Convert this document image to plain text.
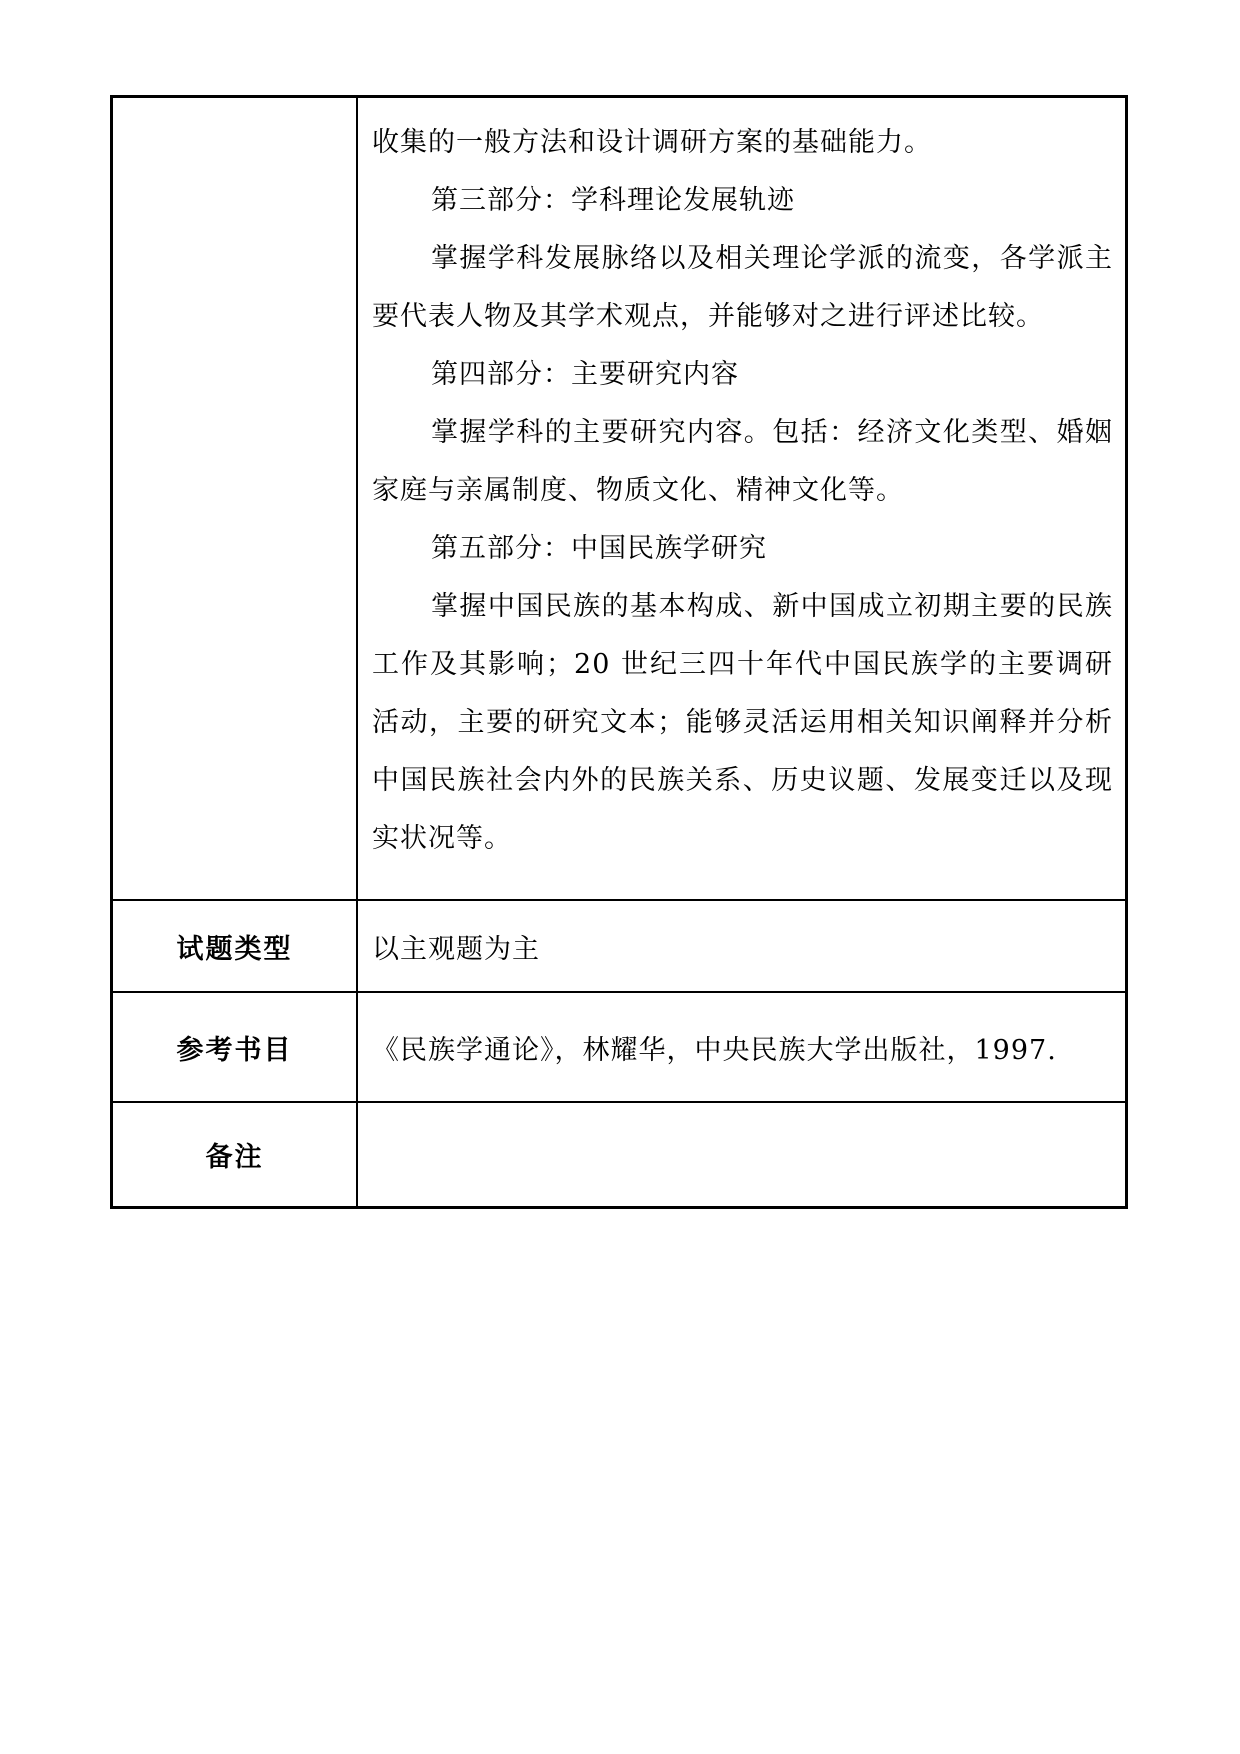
收集的一般方法和设计调研方案的基础能力。

第三部分：学科理论发展轨迹

掌握学科发展脉络以及相关理论学派的流变，各学派主要代表人物及其学术观点，并能够对之进行评述比较。

第四部分：主要研究内容

掌握学科的主要研究内容。包括：经济文化类型、婚姻家庭与亲属制度、物质文化、精神文化等。

第五部分：中国民族学研究

掌握中国民族的基本构成、新中国成立初期主要的民族工作及其影响；20 世纪三四十年代中国民族学的主要调研活动，主要的研究文本；能够灵活运用相关知识阐释并分析中国民族社会内外的民族关系、历史议题、发展变迁以及现实状况等。

试题类型	以主观题为主
参考书目	《民族学通论》，林耀华，中央民族大学出版社，1997.
备注
